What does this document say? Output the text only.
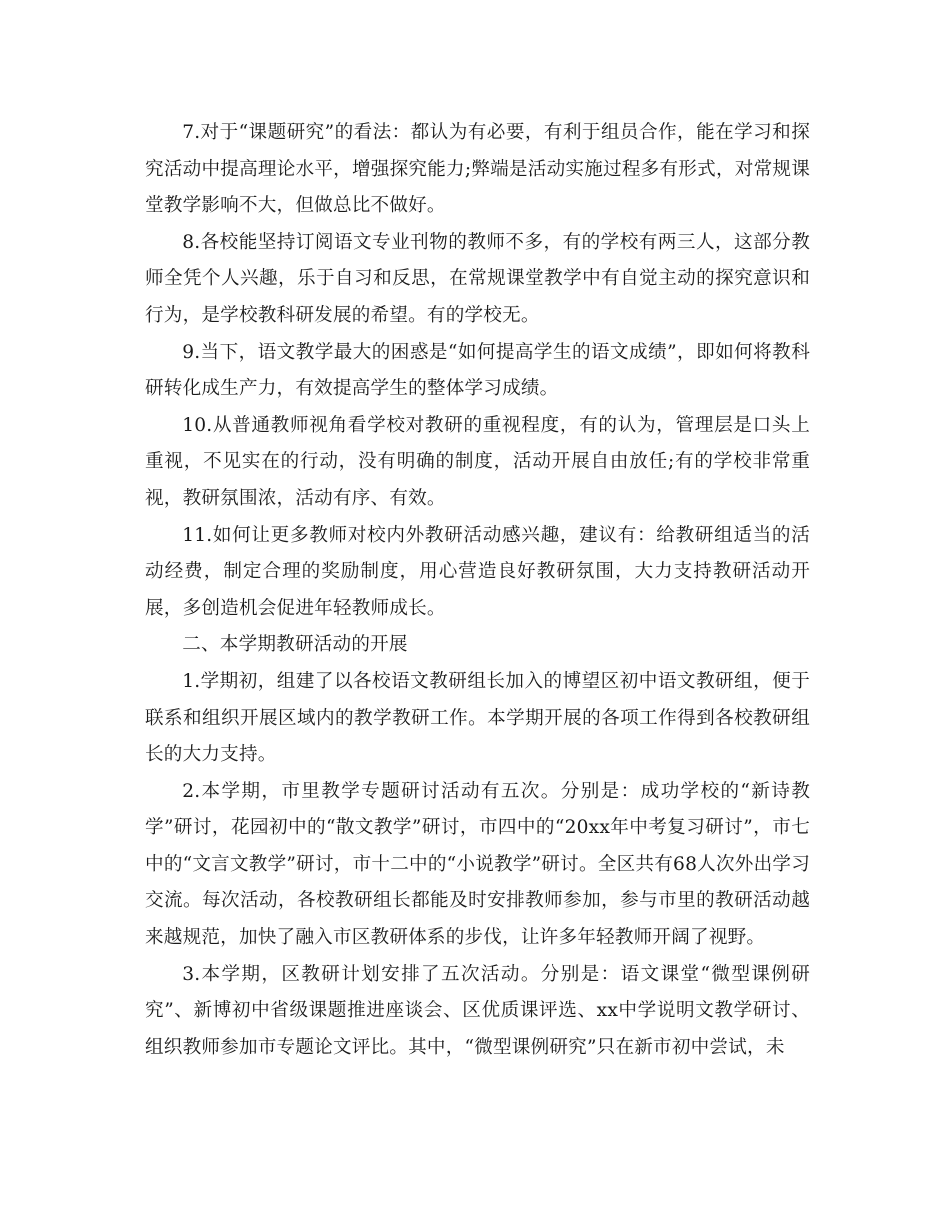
7.对于“课题研究”的看法：都认为有必要，有利于组员合作，能在学习和探究活动中提高理论水平，增强探究能力;弊端是活动实施过程多有形式，对常规课堂教学影响不大，但做总比不做好。

8.各校能坚持订阅语文专业刊物的教师不多，有的学校有两三人，这部分教师全凭个人兴趣，乐于自习和反思，在常规课堂教学中有自觉主动的探究意识和行为，是学校教科研发展的希望。有的学校无。

9.当下，语文教学最大的困惑是“如何提高学生的语文成绩”，即如何将教科研转化成生产力，有效提高学生的整体学习成绩。

10.从普通教师视角看学校对教研的重视程度，有的认为，管理层是口头上重视，不见实在的行动，没有明确的制度，活动开展自由放任;有的学校非常重视，教研氛围浓，活动有序、有效。

11.如何让更多教师对校内外教研活动感兴趣，建议有：给教研组适当的活动经费，制定合理的奖励制度，用心营造良好教研氛围，大力支持教研活动开展，多创造机会促进年轻教师成长。

二、本学期教研活动的开展

1.学期初，组建了以各校语文教研组长加入的博望区初中语文教研组，便于联系和组织开展区域内的教学教研工作。本学期开展的各项工作得到各校教研组长的大力支持。

2.本学期，市里教学专题研讨活动有五次。分别是：成功学校的“新诗教学”研讨，花园初中的“散文教学”研讨，市四中的“20xx年中考复习研讨”，市七中的“文言文教学”研讨，市十二中的“小说教学”研讨。全区共有68人次外出学习交流。每次活动，各校教研组长都能及时安排教师参加，参与市里的教研活动越来越规范，加快了融入市区教研体系的步伐，让许多年轻教师开阔了视野。

3.本学期，区教研计划安排了五次活动。分别是：语文课堂“微型课例研究”、新博初中省级课题推进座谈会、区优质课评选、xx中学说明文教学研讨、组织教师参加市专题论文评比。其中，“微型课例研究”只在新市初中尝试，未
